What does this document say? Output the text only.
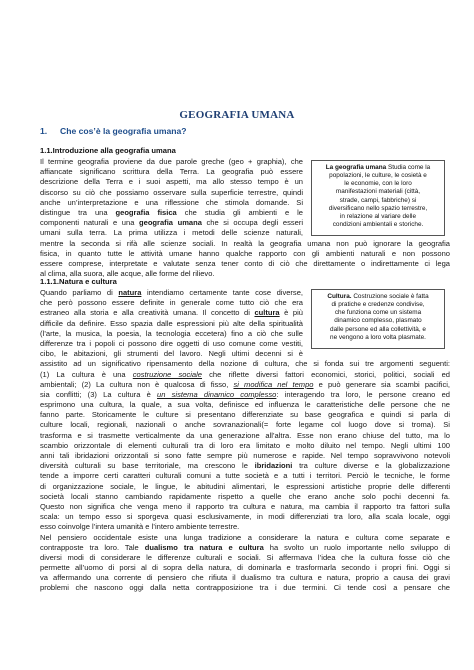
GEOGRAFIA UMANA
1. Che cos’è la geografia umana?
1.1.Introduzione alla geografia umana
Il termine geografia proviene da due parole greche (geo + graphia), che
affiancate significano scrittura della Terra. La geografia può essere
descrizione della Terra e i suoi aspetti, ma allo stesso tempo è un
discorso su ciò che possiamo osservare sulla superficie terrestre, quindi
anche un’interpretazione e una riflessione che stimola domande. Si
distingue tra una geografia fisica che studia gli ambienti e le
componenti naturali e una geografia umana che si occupa degli esseri
umani sulla terra. La prima utilizza i metodi delle scienze naturali,
mentre la seconda si rifà alle scienze sociali. In realtà la geografia umana non può ignorare la geografia
fisica, in quanto tutte le attività umane hanno qualche rapporto con gli ambienti naturali e non possono
essere comprese, interpretate e valutate senza tener conto di ciò che direttamente o indirettamente ci lega
al clima, alla suora, alle acque, alle forme del rilievo.
La geografia umana Studia come la
popolazioni, le culture, le cosietà e
le economie, con le loro
manifestazioni materiali (città,
strade, campi, fabbriche) si
diversificano nello spazio terrestre,
in relazione al variare delle
condizioni ambientali e storiche.
1.1.1.Natura e cultura
Quando parliamo di natura intendiamo certamente tante cose diverse,
che però possono essere definite in generale come tutto ciò che era
estraneo alla storia e alla creatività umana. Il concetto di cultura è più
difficile da definire. Esso spazia dalle espressioni più alte della spiritualità
(l’arte, la musica, la poesia, la tecnologia eccetera) fino a ciò che sulle
differenze tra i popoli ci possono dire oggetti di uso comune come vestiti,
cibo, le abitazioni, gli strumenti del lavoro. Negli ultimi decenni si è
assistito ad un significativo ripensamento della nozione di cultura, che si fonda sui tre argomenti seguenti:
(1) La cultura è una costruzione sociale che riflette diversi fattori economici, storici, politici, sociali ed
ambientali; (2) La cultura non è qualcosa di fisso, si modifica nel tempo e può generare sia scambi pacifici,
sia conflitti; (3) La cultura è un sistema dinamico complesso: interagendo tra loro, le persone creano ed
esprimono una cultura, la quale, a sua volta, definisce ed influenza le caratteristiche delle persone che ne
fanno parte. Storicamente le culture si presentano differenziate su base geografica e quindi si parla di
culture locali, regionali, nazionali o anche sovranazionali(= forte legame col luogo dove si troma). Si
trasforma e si trasmette verticalmente da una generazione all’altra. Esse non erano chiuse del tutto, ma lo
scambio orizzontale di elementi culturali tra di loro era limitato e molto diluito nel tempo. Negli ultimi 100
anni tali ibridazioni orizzontali si sono fatte sempre più numerose e rapide. Nel tempo sopravvivono notevoli
diversità culturali su base territoriale, ma crescono le ibridazioni tra culture diverse e la globalizzazione
tende a imporre certi caratteri culturali comuni a tutte società e a tutti i territori. Perciò le tecniche, le forme
di organizzazione sociale, le lingue, le abitudini alimentari, le espressioni artistiche proprie delle differenti
società locali stanno cambiando rapidamente rispetto a quelle che erano anche solo pochi decenni fa.
Questo non significa che venga meno il rapporto tra cultura e natura, ma cambia il rapporto tra fattori sulla
scala: un tempo esso si sporgeva quasi esclusivamente, in modi differenziati tra loro, alla scala locale, oggi
esso coinvolge l’intera umanità e l’intero ambiente terrestre.
Nel pensiero occidentale esiste una lunga tradizione a considerare la natura e cultura come separate e
contrapposte tra loro. Tale dualismo tra natura e cultura ha svolto un ruolo importante nello sviluppo di
diversi modi di considerare le differenze culturali e sociali. Si affermava l’idea che la cultura fosse ciò che
permette all’uomo di porsi al di sopra della natura, di dominarla e trasformarla secondo i propri fini. Oggi si
va affermando una corrente di pensiero che rifiuta il dualismo tra cultura e natura, proprio a causa dei gravi
problemi che nascono oggi dalla netta contrapposizione tra i due termini. Ci tende così a pensare che
Cultura. Costruzione sociale è fatta
di pratiche e credenze condivise,
che funziona come un sistema
dinamico complesso, plasmato
dalle persone ed alla collettività, e
ne vengono a loro volta plasmate.
